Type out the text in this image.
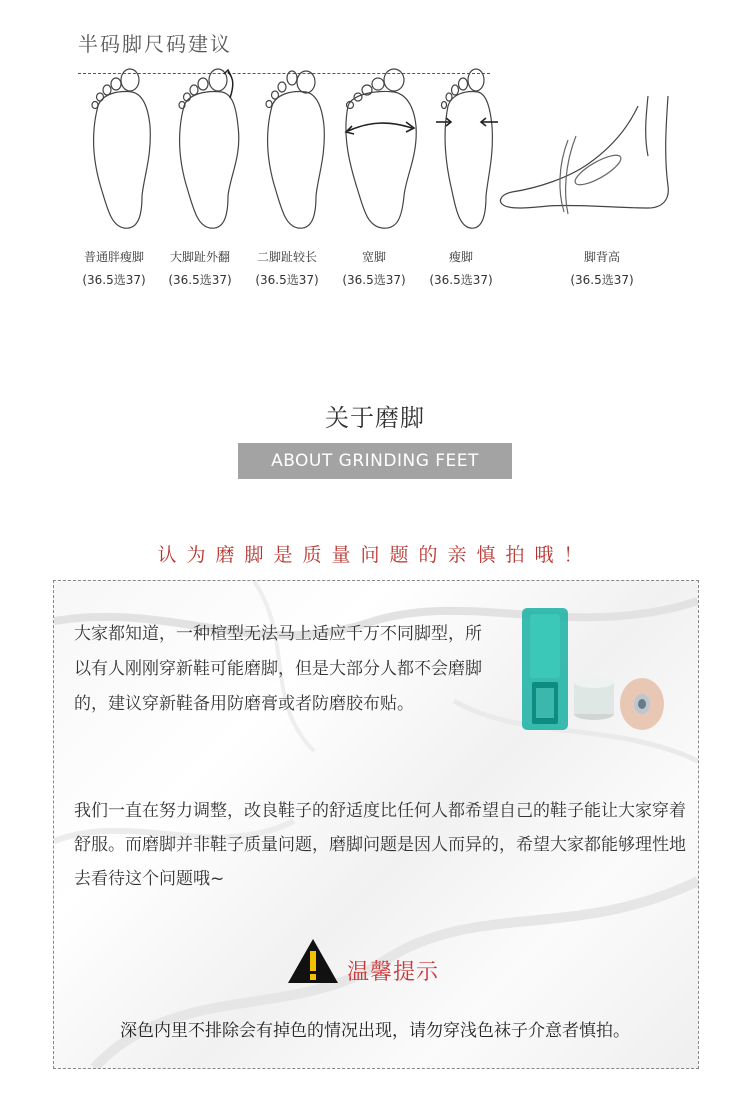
半码脚尺码建议
普通胖瘦脚
(36.5选37)
大脚趾外翻
(36.5选37)
二脚趾较长
(36.5选37)
宽脚
(36.5选37)
瘦脚
(36.5选37)
脚背高
(36.5选37)
关于磨脚
ABOUT GRINDING FEET
认为磨脚是质量问题的亲慎拍哦！
大家都知道，一种楦型无法马上适应千万不同脚型，所以有人刚刚穿新鞋可能磨脚，但是大部分人都不会磨脚的，建议穿新鞋备用防磨膏或者防磨胶布贴。
我们一直在努力调整，改良鞋子的舒适度比任何人都希望自己的鞋子能让大家穿着舒服。而磨脚并非鞋子质量问题，磨脚问题是因人而异的，希望大家都能够理性地去看待这个问题哦~
温馨提示
深色内里不排除会有掉色的情况出现，请勿穿浅色袜子介意者慎拍。
